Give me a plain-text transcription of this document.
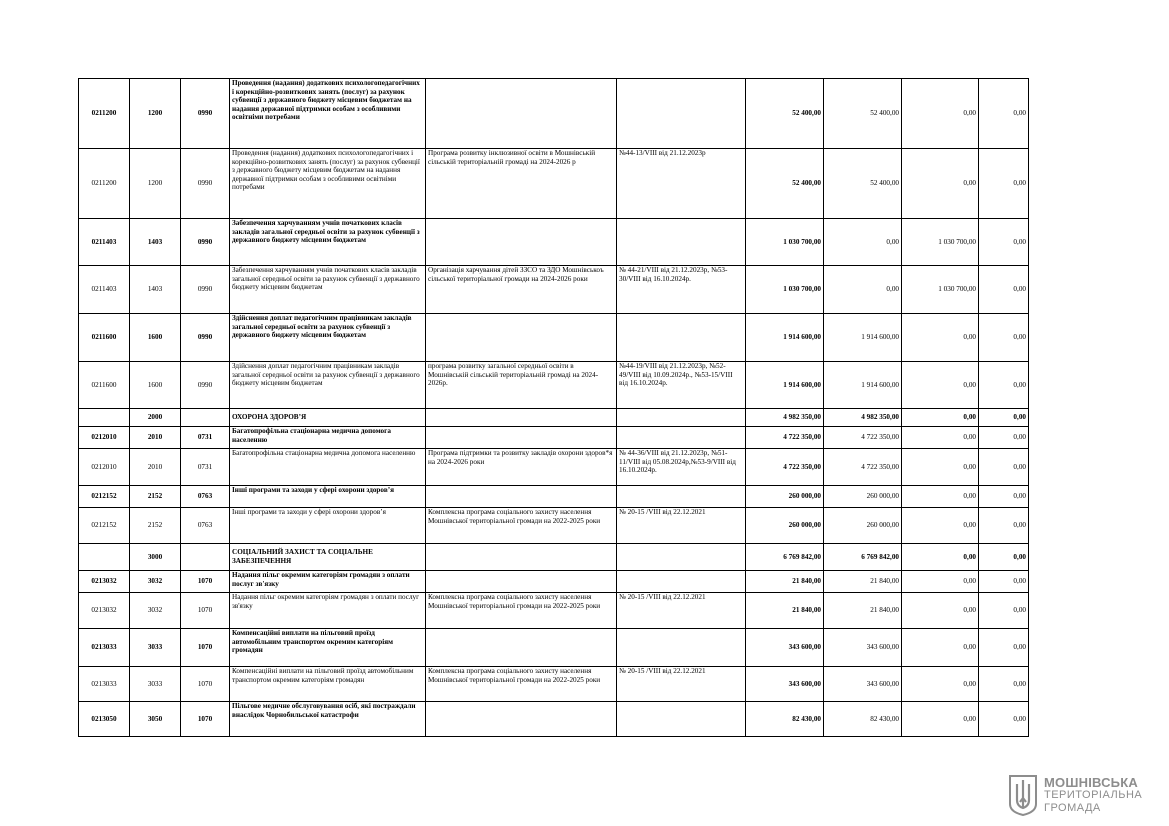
0211200	1200	0990	Проведення (надання) додаткових психологопедагогічних і корекційно-розвиткових занять (послуг) за рахунок субвенції з державного бюджету місцевим бюджетам на надання державної підтримки особам з особливими освітніми потребами			52 400,00	52 400,00	0,00	0,00
0211200	1200	0990	Проведення (надання) додаткових психологопедагогічних і корекційно-розвиткових занять (послуг) за рахунок субвенції з державного бюджету місцевим бюджетам на надання державної підтримки особам з особливими освітніми потребами	Програма розвитку інклюзивної освіти в Мошнівській сільській територіальній громаді на 2024-2026 р	№44-13/VIII від 21.12.2023р	52 400,00	52 400,00	0,00	0,00
0211403	1403	0990	Забезпечення харчуванням учнів початкових класів закладів загальної середньої освіти за рахунок субвенції з державного бюджету місцевим бюджетам			1 030 700,00	0,00	1 030 700,00	0,00
0211403	1403	0990	Забезпечення харчуванням учнів початкових класів закладів загальної середньої освіти за рахунок субвенції з державного бюджету місцевим бюджетам	Організація харчування дітей ЗЗСО та ЗДО Мошнівськоъ сільської територіальної громади на 2024-2026 роки	№ 44-21/VIII від 21.12.2023р, №53-30/VIII від 16.10.2024р.	1 030 700,00	0,00	1 030 700,00	0,00
0211600	1600	0990	Здійснення доплат педагогічним працівникам закладів загальної середньої освіти за рахунок субвенції з державного бюджету місцевим бюджетам			1 914 600,00	1 914 600,00	0,00	0,00
0211600	1600	0990	Здійснення доплат педагогічним працівникам закладів загальної середньої освіти за рахунок субвенції з державного бюджету місцевим бюджетам	програма розвитку загальної середньої освіти в Мошнівській сільській територіальній громаді на 2024-2026р.	№44-19/VIII від 21.12.2023р, №52-49/VIII від 10.09.2024р., №53-15/VIII від 16.10.2024р.	1 914 600,00	1 914 600,00	0,00	0,00
	2000		ОХОРОНА ЗДОРОВ’Я			4 982 350,00	4 982 350,00	0,00	0,00
0212010	2010	0731	Багатопрофільна стаціонарна медична допомога населенню			4 722 350,00	4 722 350,00	0,00	0,00
0212010	2010	0731	Багатопрофільна стаціонарна медична допомога населенню	Програма підтримки та розвитку закладів охорони здоров*я на 2024-2026 роки	№ 44-36/VIII від 21.12.2023р, №51-11/VIII від 05.08.2024р,№53-9/VIII від 16.10.2024р.	4 722 350,00	4 722 350,00	0,00	0,00
0212152	2152	0763	Інші програми та заходи у сфері охорони здоров’я			260 000,00	260 000,00	0,00	0,00
0212152	2152	0763	Інші програми та заходи у сфері охорони здоров’я	Комплексна програма соціального захисту населення Мошнівської територіальної громади на 2022-2025 роки	№ 20-15 /VIII від 22.12.2021	260 000,00	260 000,00	0,00	0,00
	3000		СОЦІАЛЬНИЙ ЗАХИСТ ТА СОЦІАЛЬНЕ ЗАБЕЗПЕЧЕННЯ			6 769 842,00	6 769 842,00	0,00	0,00
0213032	3032	1070	Надання пільг окремим категоріям громадян з оплати послуг зв'язку			21 840,00	21 840,00	0,00	0,00
0213032	3032	1070	Надання пільг окремим категоріям громадян з оплати послуг зв'язку	Комплексна програма соціального захисту населення Мошнівської територіальної громади на 2022-2025 роки	№ 20-15 /VIII від 22.12.2021	21 840,00	21 840,00	0,00	0,00
0213033	3033	1070	Компенсаційні виплати на пільговий проїзд автомобільним транспортом окремим категоріям громадян			343 600,00	343 600,00	0,00	0,00
0213033	3033	1070	Компенсаційні виплати на пільговий проїзд автомобільним транспортом окремим категоріям громадян	Комплексна програма соціального захисту населення Мошнівської територіальної громади на 2022-2025 роки	№ 20-15 /VIII від 22.12.2021	343 600,00	343 600,00	0,00	0,00
0213050	3050	1070	Пільгове медичне обслуговування осіб, які постраждали внаслідок Чорнобильської катастрофи			82 430,00	82 430,00	0,00	0,00
МОШНІВСЬКА
ТЕРИТОРІАЛЬНА
ГРОМАДА
